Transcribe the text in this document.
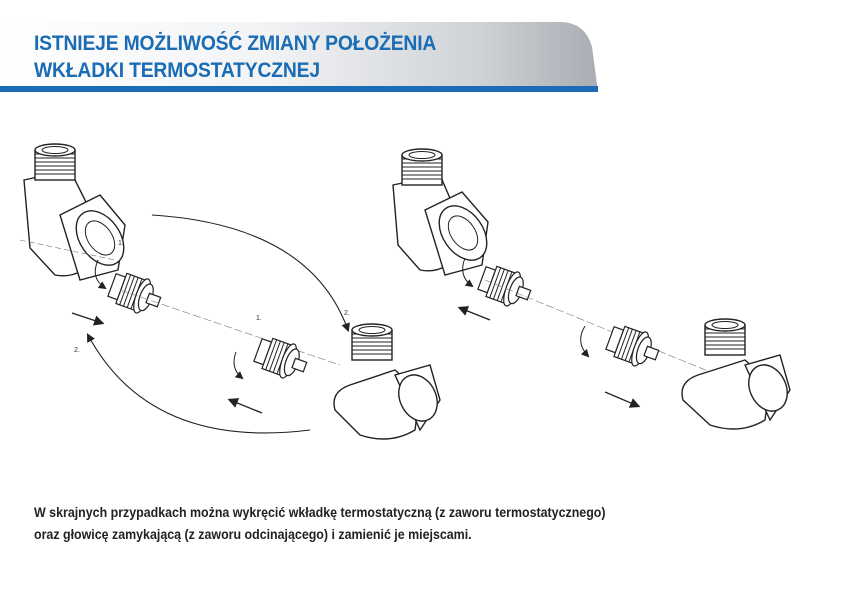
ISTNIEJE MOŻLIWOŚĆ ZMIANY POŁOŻENIA
WKŁADKI TERMOSTATYCZNEJ
1.
2.
2.
1.

W skrajnych przypadkach można wykręcić wkładkę termostatyczną (z zaworu termostatycznego)
oraz głowicę zamykającą (z zaworu odcinającego) i zamienić je miejscami.
